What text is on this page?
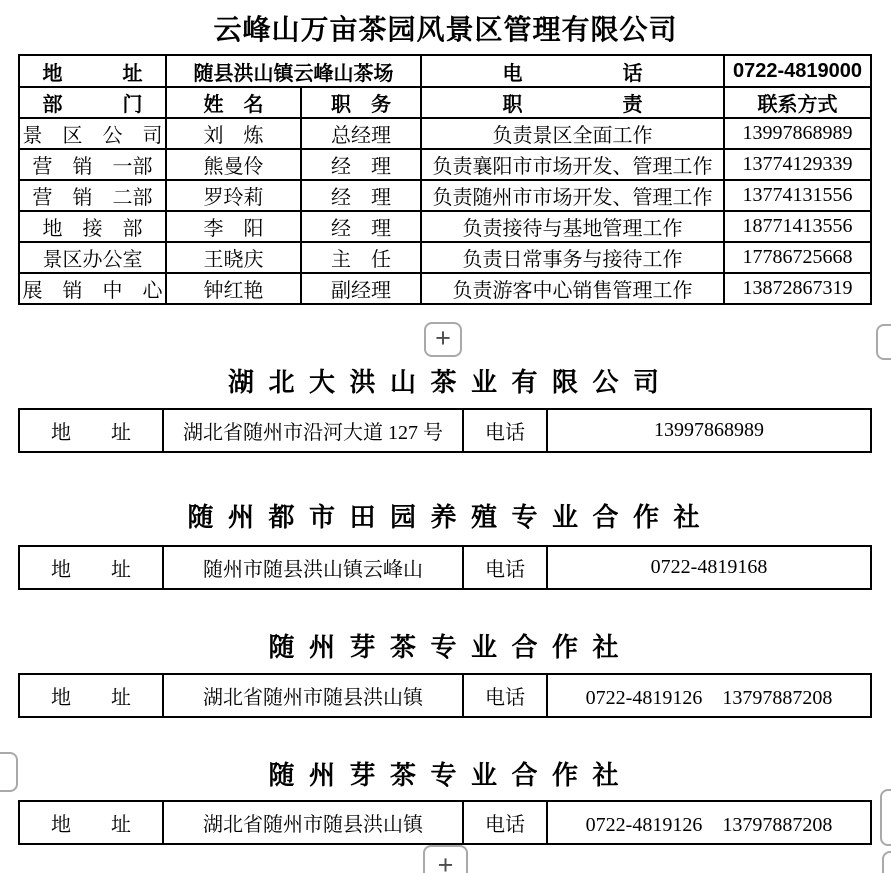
云峰山万亩茶园风景区管理有限公司
地　　　址	随县洪山镇云峰山茶场		电　　　　　话	0722-4819000
部　　　门	姓　名	职　务	职　　　　　责	联系方式
景　区　公　司	刘　炼	总经理	负责景区全面工作	13997868989
营　销　一部	熊曼伶	经　理	负责襄阳市市场开发、管理工作	13774129339
营　销　二部	罗玲莉	经　理	负责随州市市场开发、管理工作	13774131556
地　接　部	李　阳	经　理	负责接待与基地管理工作	18771413556
景区办公室	王晓庆	主　任	负责日常事务与接待工作	17786725668
展　销　中　心	钟红艳	副经理	负责游客中心销售管理工作	13872867319
+
湖 北 大 洪 山 茶 业 有 限 公 司
地　　址	湖北省随州市沿河大道 127 号	电话	13997868989
随 州 都 市 田 园 养 殖 专 业 合 作 社
地　　址	随州市随县洪山镇云峰山	电话	0722-4819168
随 州 芽 茶 专 业 合 作 社
地　　址	湖北省随州市随县洪山镇	电话	0722-4819126　13797887208
随 州 芽 茶 专 业 合 作 社
地　　址	湖北省随州市随县洪山镇	电话	0722-4819126　13797887208
+
